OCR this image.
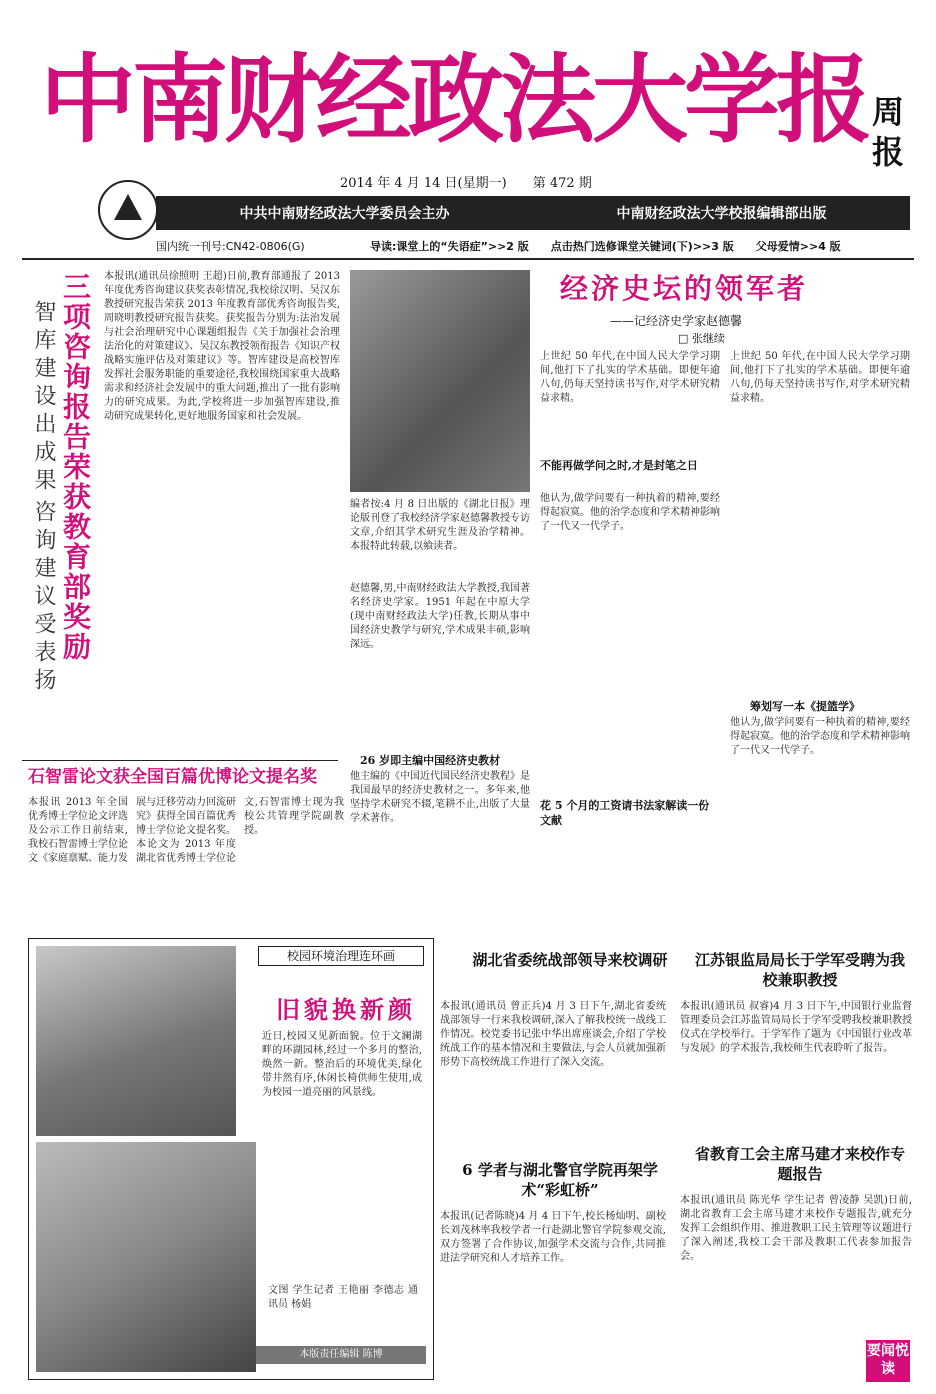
中南财经政法大学报 周报
2014 年 4 月 14 日(星期一)　　第 472 期
中共中南财经政法大学委员会主办	中南财经政法大学校报编辑部出版
国内统一刊号:CN42-0806(G)	导读:课堂上的“失语症”>>2 版 点击热门选修课堂关键词(下)>>3 版 父母爱情>>4 版
三项咨询报告荣获教育部奖励
智库建设出成果
咨询建议受表扬
本报讯(通讯员徐照明 王超)日前,教育部通报了 2013 年度优秀咨询建议获奖表彰情况,我校徐汉明、吴汉东教授研究报告荣获 2013 年度教育部优秀咨询报告奖,周晓明教授研究报告获奖。获奖报告分别为:法治发展与社会治理研究中心课题组报告《关于加强社会治理法治化的对策建议》、吴汉东教授领衔报告《知识产权战略实施评估及对策建议》等。智库建设是高校智库发挥社会服务职能的重要途径,我校围绕国家重大战略需求和经济社会发展中的重大问题,推出了一批有影响力的研究成果。为此,学校将进一步加强智库建设,推动研究成果转化,更好地服务国家和社会发展。
石智雷论文获全国百篇优博论文提名奖
本报讯 2013 年全国优秀博士学位论文评选及公示工作日前结束,我校石智雷博士学位论文《家庭禀赋、能力发展与迁移劳动力回流研究》获得全国百篇优秀博士学位论文提名奖。本论文为 2013 年度湖北省优秀博士学位论文,石智雷博士现为我校公共管理学院副教授。
编者按:4 月 8 日出版的《湖北日报》理论版刊登了我校经济学家赵德馨教授专访文章,介绍其学术研究生涯及治学精神。本报特此转载,以飨读者。
经济史坛的领军者
——记经济史学家赵德馨
□ 张继续
赵德馨,男,中南财经政法大学教授,我国著名经济史学家。1951 年起在中原大学(现中南财经政法大学)任教,长期从事中国经济史教学与研究,学术成果丰硕,影响深远。
26 岁即主编中国经济史教材
他主编的《中国近代国民经济史教程》是我国最早的经济史教材之一。多年来,他坚持学术研究不辍,笔耕不止,出版了大量学术著作。
上世纪 50 年代,在中国人民大学学习期间,他打下了扎实的学术基础。即便年逾八旬,仍每天坚持读书写作,对学术研究精益求精。
不能再做学问之时,才是封笔之日
他认为,做学问要有一种执着的精神,要经得起寂寞。他的治学态度和学术精神影响了一代又一代学子。
花 5 个月的工资请书法家解读一份文献
上世纪 50 年代,在中国人民大学学习期间,他打下了扎实的学术基础。即便年逾八旬,仍每天坚持读书写作,对学术研究精益求精。
筹划写一本《提篮学》
他认为,做学问要有一种执着的精神,要经得起寂寞。他的治学态度和学术精神影响了一代又一代学子。
校园环境治理连环画
旧貌换新颜
近日,校园又见新面貌。位于文澜湖畔的环湖园林,经过一个多月的整治,焕然一新。整治后的环境优美,绿化带井然有序,休闲长椅供师生使用,成为校园一道亮丽的风景线。
文图 学生记者 王艳丽 李德志 通讯员 杨娟
本版责任编辑 陈博
湖北省委统战部领导来校调研
本报讯(通讯员 曾正兵)4 月 3 日下午,湖北省委统战部领导一行来我校调研,深入了解我校统一战线工作情况。校党委书记张中华出席座谈会,介绍了学校统战工作的基本情况和主要做法,与会人员就加强新形势下高校统战工作进行了深入交流。
6 学者与湖北警官学院再架学术“彩虹桥”
本报讯(记者陈晓)4 月 4 日下午,校长杨灿明、副校长刘茂林率我校学者一行赴湖北警官学院参观交流,双方签署了合作协议,加强学术交流与合作,共同推进法学研究和人才培养工作。
江苏银监局局长于学军受聘为我校兼职教授
本报讯(通讯员 叔睿)4 月 3 日下午,中国银行业监督管理委员会江苏监管局局长于学军受聘我校兼职教授仪式在学校举行。于学军作了题为《中国银行业改革与发展》的学术报告,我校师生代表聆听了报告。
省教育工会主席马建才来校作专题报告
本报讯(通讯员 陈光华 学生记者 曾凌静 吴凯)日前,湖北省教育工会主席马建才来校作专题报告,就充分发挥工会组织作用、推进教职工民主管理等议题进行了深入阐述,我校工会干部及教职工代表参加报告会。
要闻悦读
